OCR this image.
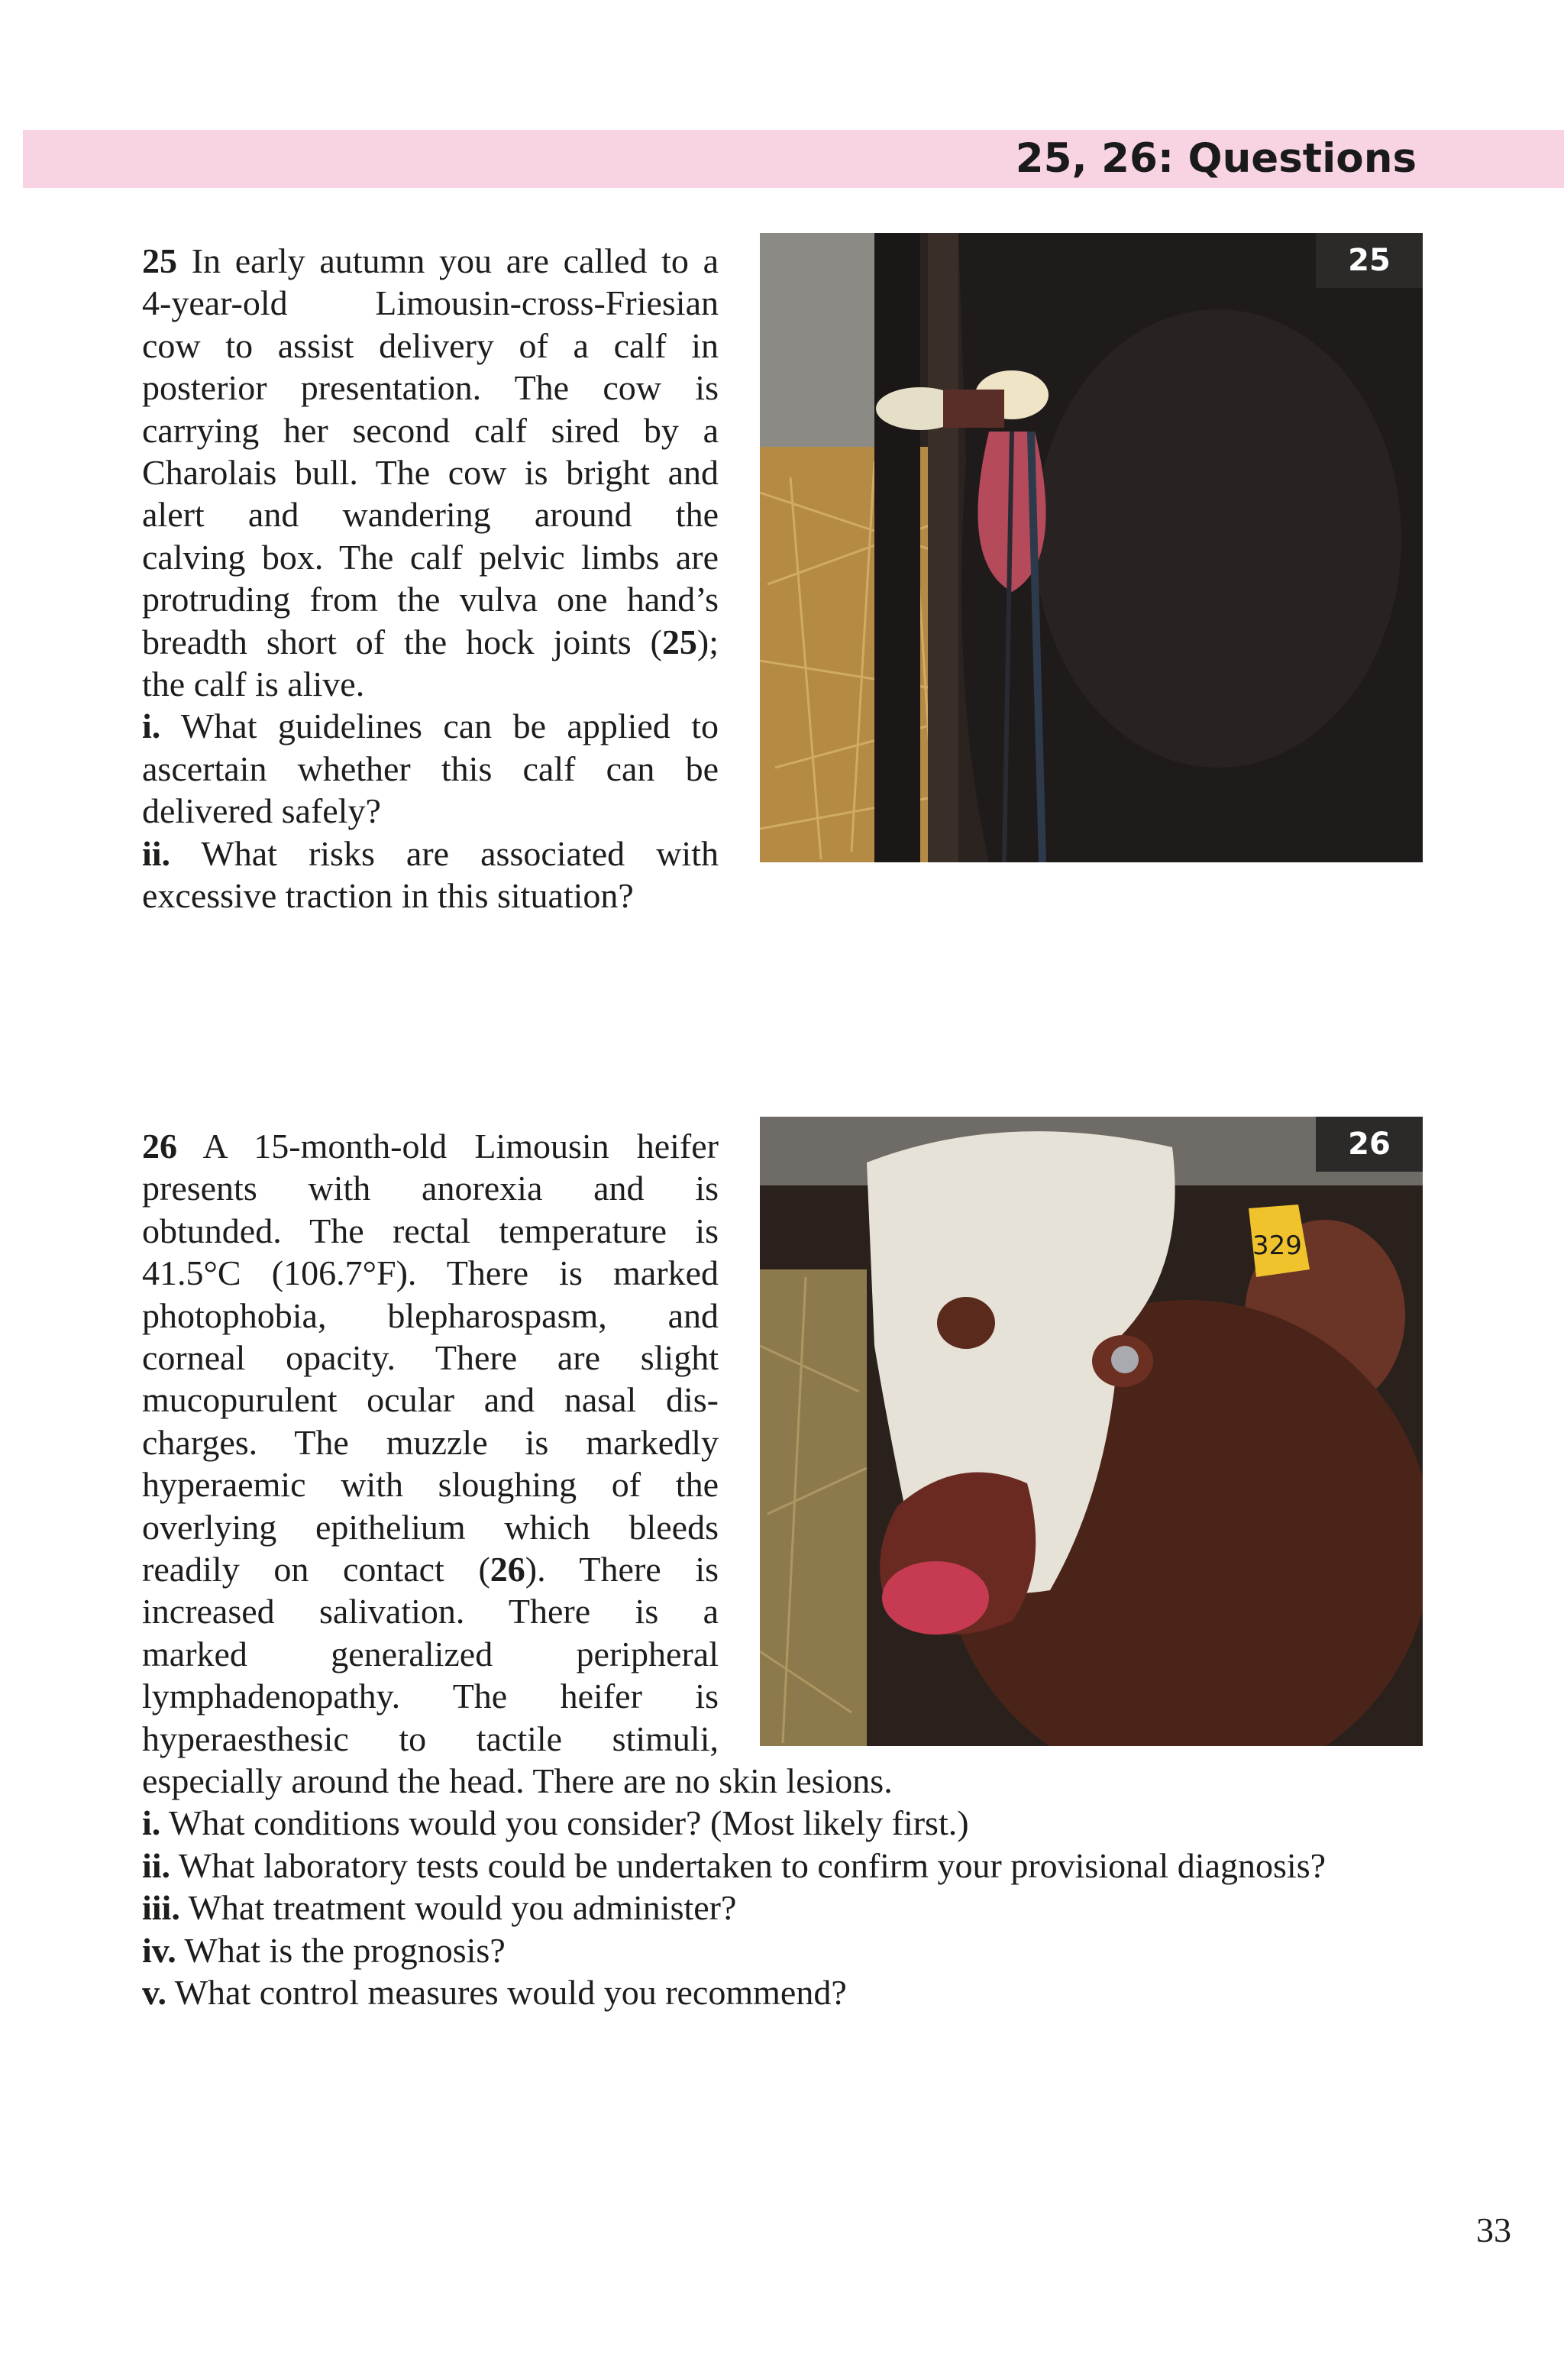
25, 26: Questions
25 In early autumn you are called to a
4-year-old Limousin-cross-Friesian
cow to assist delivery of a calf in
posterior presentation. The cow is
carrying her second calf sired by a
Charolais bull. The cow is bright and
alert and wandering around the
calving box. The calf pelvic limbs are
protruding from the vulva one hand’s
breadth short of the hock joints (25);
the calf is alive.
i. What guidelines can be applied to
ascertain whether this calf can be
delivered safely?
ii. What risks are associated with
excessive traction in this situation?
25
26 A 15-month-old Limousin heifer
presents with anorexia and is
obtunded. The rectal temperature is
41.5°C (106.7°F). There is marked
photophobia, blepharospasm, and
corneal opacity. There are slight
mucopurulent ocular and nasal dis-
charges. The muzzle is markedly
hyperaemic with sloughing of the
overlying epithelium which bleeds
readily on contact (26). There is
increased salivation. There is a
marked generalized peripheral
lymphadenopathy. The heifer is
hyperaesthesic to tactile stimuli,
especially around the head. There are no skin lesions.
i. What conditions would you consider? (Most likely first.)
ii. What laboratory tests could be undertaken to confirm your provisional diagnosis?
iii. What treatment would you administer?
iv. What is the prognosis?
v. What control measures would you recommend?
329
26
33
